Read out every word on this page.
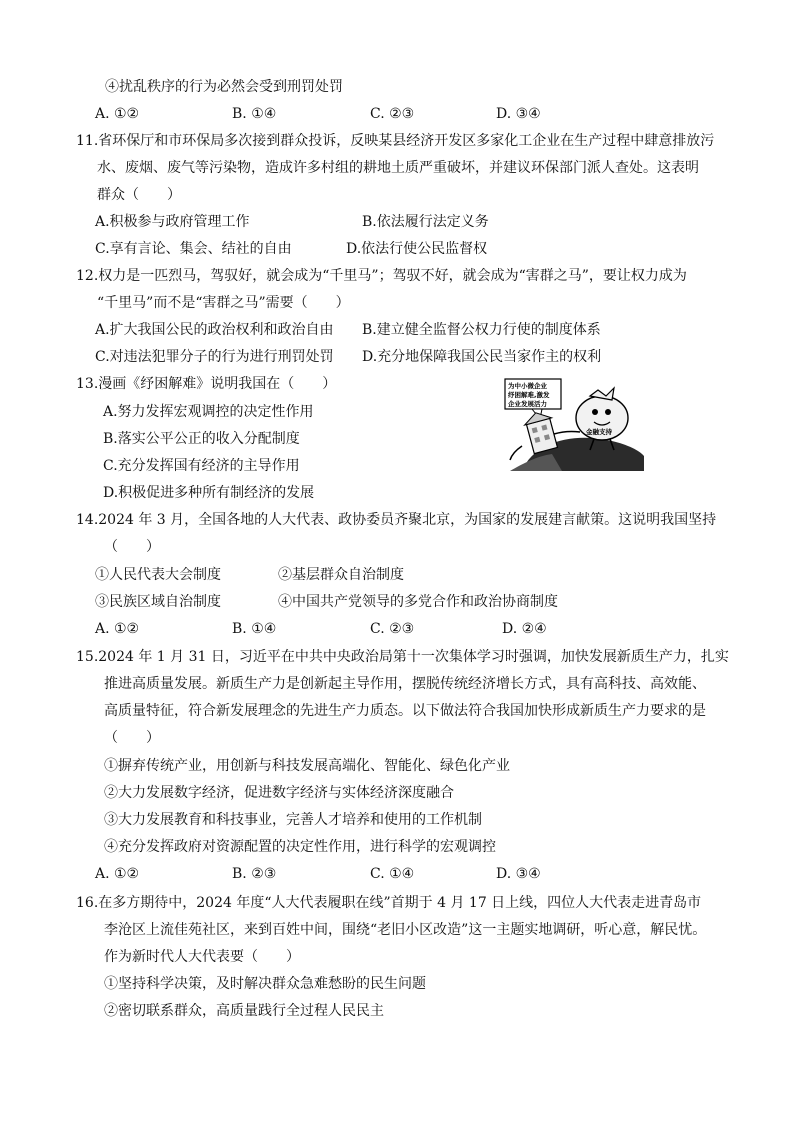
④扰乱秩序的行为必然会受到刑罚处罚
A. ①②	B. ①④	C. ②③	D. ③④
11.省环保厅和市环保局多次接到群众投诉，反映某县经济开发区多家化工企业在生产过程中肆意排放污
水、废烟、废气等污染物，造成许多村组的耕地土质严重破坏，并建议环保部门派人查处。这表明
群众（　　）
A.积极参与政府管理工作	B.依法履行法定义务
C.享有言论、集会、结社的自由	D.依法行使公民监督权
12.权力是一匹烈马，驾驭好，就会成为“千里马”；驾驭不好，就会成为“害群之马”，要让权力成为
“千里马”而不是“害群之马”需要（　　）
A.扩大我国公民的政治权利和政治自由 B.建立健全监督公权力行使的制度体系
C.对违法犯罪分子的行为进行刑罚处罚 D.充分地保障我国公民当家作主的权利
13.漫画《纾困解难》说明我国在（　　）
A.努力发挥宏观调控的决定性作用
B.落实公平公正的收入分配制度
C.充分发挥国有经济的主导作用
D.积极促进多种所有制经济的发展
为中小微企业
纾困解难,激发
企业发展活力
金融支持
14.2024 年 3 月，全国各地的人大代表、政协委员齐聚北京，为国家的发展建言献策。这说明我国坚持
（　　）
①人民代表大会制度	②基层群众自治制度
③民族区域自治制度	④中国共产党领导的多党合作和政治协商制度
A. ①②	B. ①④	C. ②③	D. ②④
15.2024 年 1 月 31 日，习近平在中共中央政治局第十一次集体学习时强调，加快发展新质生产力，扎实
推进高质量发展。新质生产力是创新起主导作用，摆脱传统经济增长方式，具有高科技、高效能、
高质量特征，符合新发展理念的先进生产力质态。以下做法符合我国加快形成新质生产力要求的是
（　　）
①摒弃传统产业，用创新与科技发展高端化、智能化、绿色化产业
②大力发展数字经济，促进数字经济与实体经济深度融合
③大力发展教育和科技事业，完善人才培养和使用的工作机制
④充分发挥政府对资源配置的决定性作用，进行科学的宏观调控
A. ①②	B. ②③	C. ①④	D. ③④
16.在多方期待中，2024 年度“人大代表履职在线”首期于 4 月 17 日上线，四位人大代表走进青岛市
李沧区上流佳苑社区，来到百姓中间，围绕“老旧小区改造”这一主题实地调研，听心意，解民忧。
作为新时代人大代表要（　　）
①坚持科学决策，及时解决群众急难愁盼的民生问题
②密切联系群众，高质量践行全过程人民民主
